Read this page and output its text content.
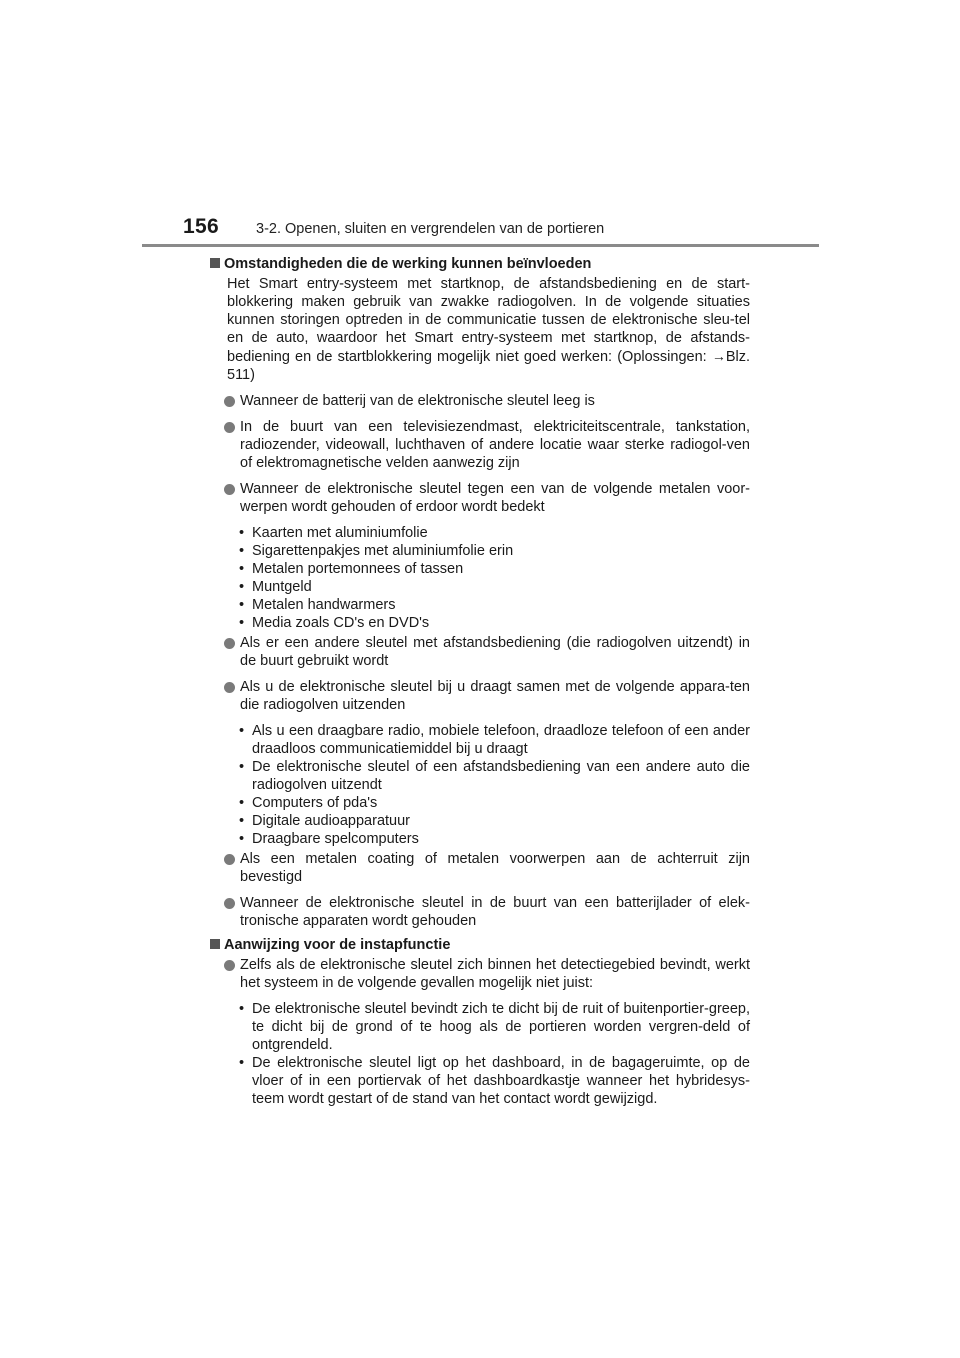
156	3-2. Openen, sluiten en vergrendelen van de portieren
Omstandigheden die de werking kunnen beïnvloeden
Het Smart entry-systeem met startknop, de afstandsbediening en de start-blokkering maken gebruik van zwakke radiogolven. In de volgende situaties kunnen storingen optreden in de communicatie tussen de elektronische sleu-tel en de auto, waardoor het Smart entry-systeem met startknop, de afstands-bediening en de startblokkering mogelijk niet goed werken: (Oplossingen: →Blz. 511)
Wanneer de batterij van de elektronische sleutel leeg is
In de buurt van een televisiezendmast, elektriciteitscentrale, tankstation, radiozender, videowall, luchthaven of andere locatie waar sterke radiogol-ven of elektromagnetische velden aanwezig zijn
Wanneer de elektronische sleutel tegen een van de volgende metalen voor-werpen wordt gehouden of erdoor wordt bedekt
• Kaarten met aluminiumfolie
• Sigarettenpakjes met aluminiumfolie erin
• Metalen portemonnees of tassen
• Muntgeld
• Metalen handwarmers
• Media zoals CD's en DVD's
Als er een andere sleutel met afstandsbediening (die radiogolven uitzendt) in de buurt gebruikt wordt
Als u de elektronische sleutel bij u draagt samen met de volgende appara-ten die radiogolven uitzenden
• Als u een draagbare radio, mobiele telefoon, draadloze telefoon of een ander draadloos communicatiemiddel bij u draagt
• De elektronische sleutel of een afstandsbediening van een andere auto die radiogolven uitzendt
• Computers of pda's
• Digitale audioapparatuur
• Draagbare spelcomputers
Als een metalen coating of metalen voorwerpen aan de achterruit zijn bevestigd
Wanneer de elektronische sleutel in de buurt van een batterijlader of elek-tronische apparaten wordt gehouden
Aanwijzing voor de instapfunctie
Zelfs als de elektronische sleutel zich binnen het detectiegebied bevindt, werkt het systeem in de volgende gevallen mogelijk niet juist:
• De elektronische sleutel bevindt zich te dicht bij de ruit of buitenportier-greep, te dicht bij de grond of te hoog als de portieren worden vergren-deld of ontgrendeld.
• De elektronische sleutel ligt op het dashboard, in de bagageruimte, op de vloer of in een portiervak of het dashboardkastje wanneer het hybridesys-teem wordt gestart of de stand van het contact wordt gewijzigd.
